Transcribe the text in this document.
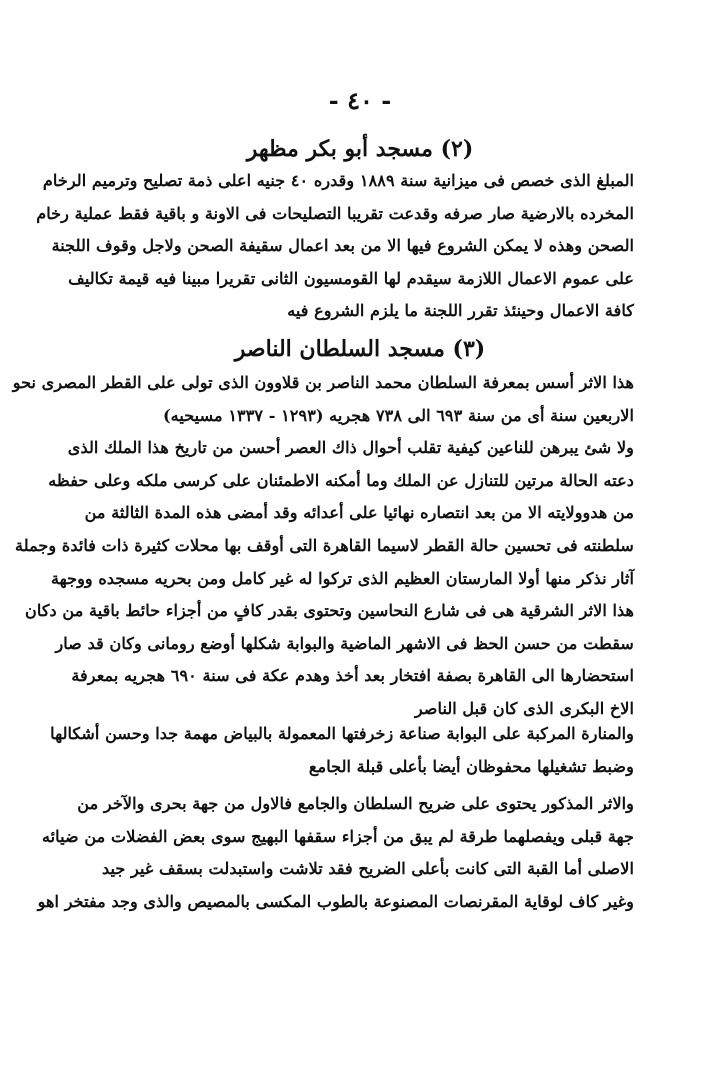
- ٤٠ -
(٢) مسجد أبو بكر مظهر
المبلغ الذى خصص فى ميزانية سنة ١٨٨٩ وقدره ٤٠ جنيه اعلى ذمة تصليح وترميم الرخام
المخرده بالارضية صار صرفه وقدعت تقريبا التصليحات فى الاونة و باقية فقط عملية رخام
الصحن وهذه لا يمكن الشروع فيها الا من بعد اعمال سقيفة الصحن ولاجل وقوف اللجنة
على عموم الاعمال اللازمة سيقدم لها القومسيون الثانى تقريرا مبينا فيه قيمة تكاليف
كافة الاعمال وحينئذ تقرر اللجنة ما يلزم الشروع فيه
(٣) مسجد السلطان الناصر
هذا الاثر أسس بمعرفة السلطان محمد الناصر بن قلاوون الذى تولى على القطر المصرى نحو
الاربعين سنة أى من سنة ٦٩٣ الى ٧٣٨ هجريه (١٢٩٣ - ١٣٣٧ مسيحيه)
ولا شئ يبرهن للناعين كيفية تقلب أحوال ذاك العصر أحسن من تاريخ هذا الملك الذى
دعته الحالة مرتين للتنازل عن الملك وما أمكنه الاطمئنان على كرسى ملكه وعلى حفظه
من هدوولايته الا من بعد انتصاره نهائيا على أعدائه وقد أمضى هذه المدة الثالثة من
سلطنته فى تحسين حالة القطر لاسيما القاهرة التى أوقف بها محلات كثيرة ذات فائدة وجملة
آثار نذكر منها أولا المارستان العظيم الذى تركوا له غير كامل ومن بحريه مسجده ووجهة
هذا الاثر الشرقية هى فى شارع النحاسين وتحتوى بقدر كافٍ من أجزاء حائط باقية من دكان
سقطت من حسن الحظ فى الاشهر الماضية والبوابة شكلها أوضع رومانى وكان قد صار
استحضارها الى القاهرة بصفة افتخار بعد أخذ وهدم عكة فى سنة ٦٩٠ هجريه بمعرفة
الاخ البكرى الذى كان قبل الناصر
والمنارة المركبة على البوابة صناعة زخرفتها المعمولة بالبياض مهمة جدا وحسن أشكالها
وضبط تشغيلها محفوظان أيضا بأعلى قبلة الجامع
والاثر المذكور يحتوى على ضريح السلطان والجامع فالاول من جهة بحرى والآخر من
جهة قبلى ويفصلهما طرقة لم يبق من أجزاء سقفها البهيج سوى بعض الفضلات من ضيائه
الاصلى أما القبة التى كانت بأعلى الضريح فقد تلاشت واستبدلت بسقف غير جيد
وغير كاف لوقاية المقرنصات المصنوعة بالطوب المكسى بالمصيص والذى وجد مفتخر اهو
